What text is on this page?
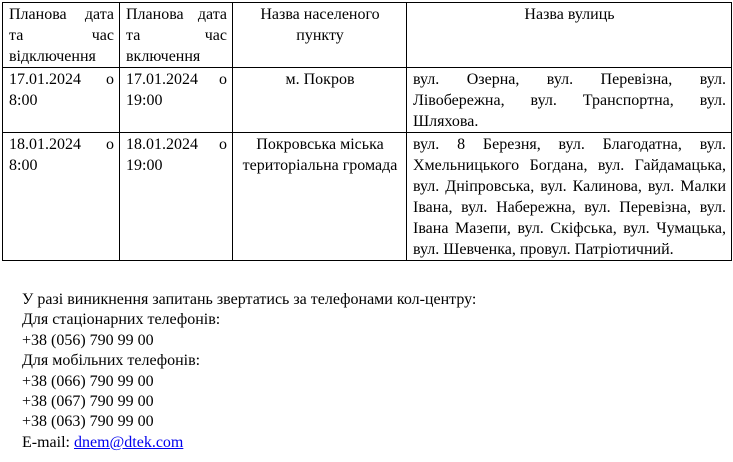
Планова дата та час відключення	Планова дата та час включення	Назва населеного пункту	Назва вулиць
17.01.2024 о 8:00	17.01.2024 о 19:00	м. Покров	вул. Озерна, вул. Перевізна, вул. Лівобережна, вул. Транспортна, вул. Шляхова.
18.01.2024 о 8:00	18.01.2024 о 19:00	Покровська міська територіальна громада	вул. 8 Березня, вул. Благодатна, вул. Хмельницького Богдана, вул. Гайдамацька, вул. Дніпровська, вул. Калинова, вул. Малки Івана, вул. Набережна, вул. Перевізна, вул. Івана Мазепи, вул. Скіфська, вул. Чумацька, вул. Шевченка, провул. Патріотичний.
У разі виникнення запитань звертатись за телефонами кол-центру:
Для стаціонарних телефонів:
+38 (056) 790 99 00
Для мобільних телефонів:
+38 (066) 790 99 00
+38 (067) 790 99 00
+38 (063) 790 99 00
E-mail: dnem@dtek.com
